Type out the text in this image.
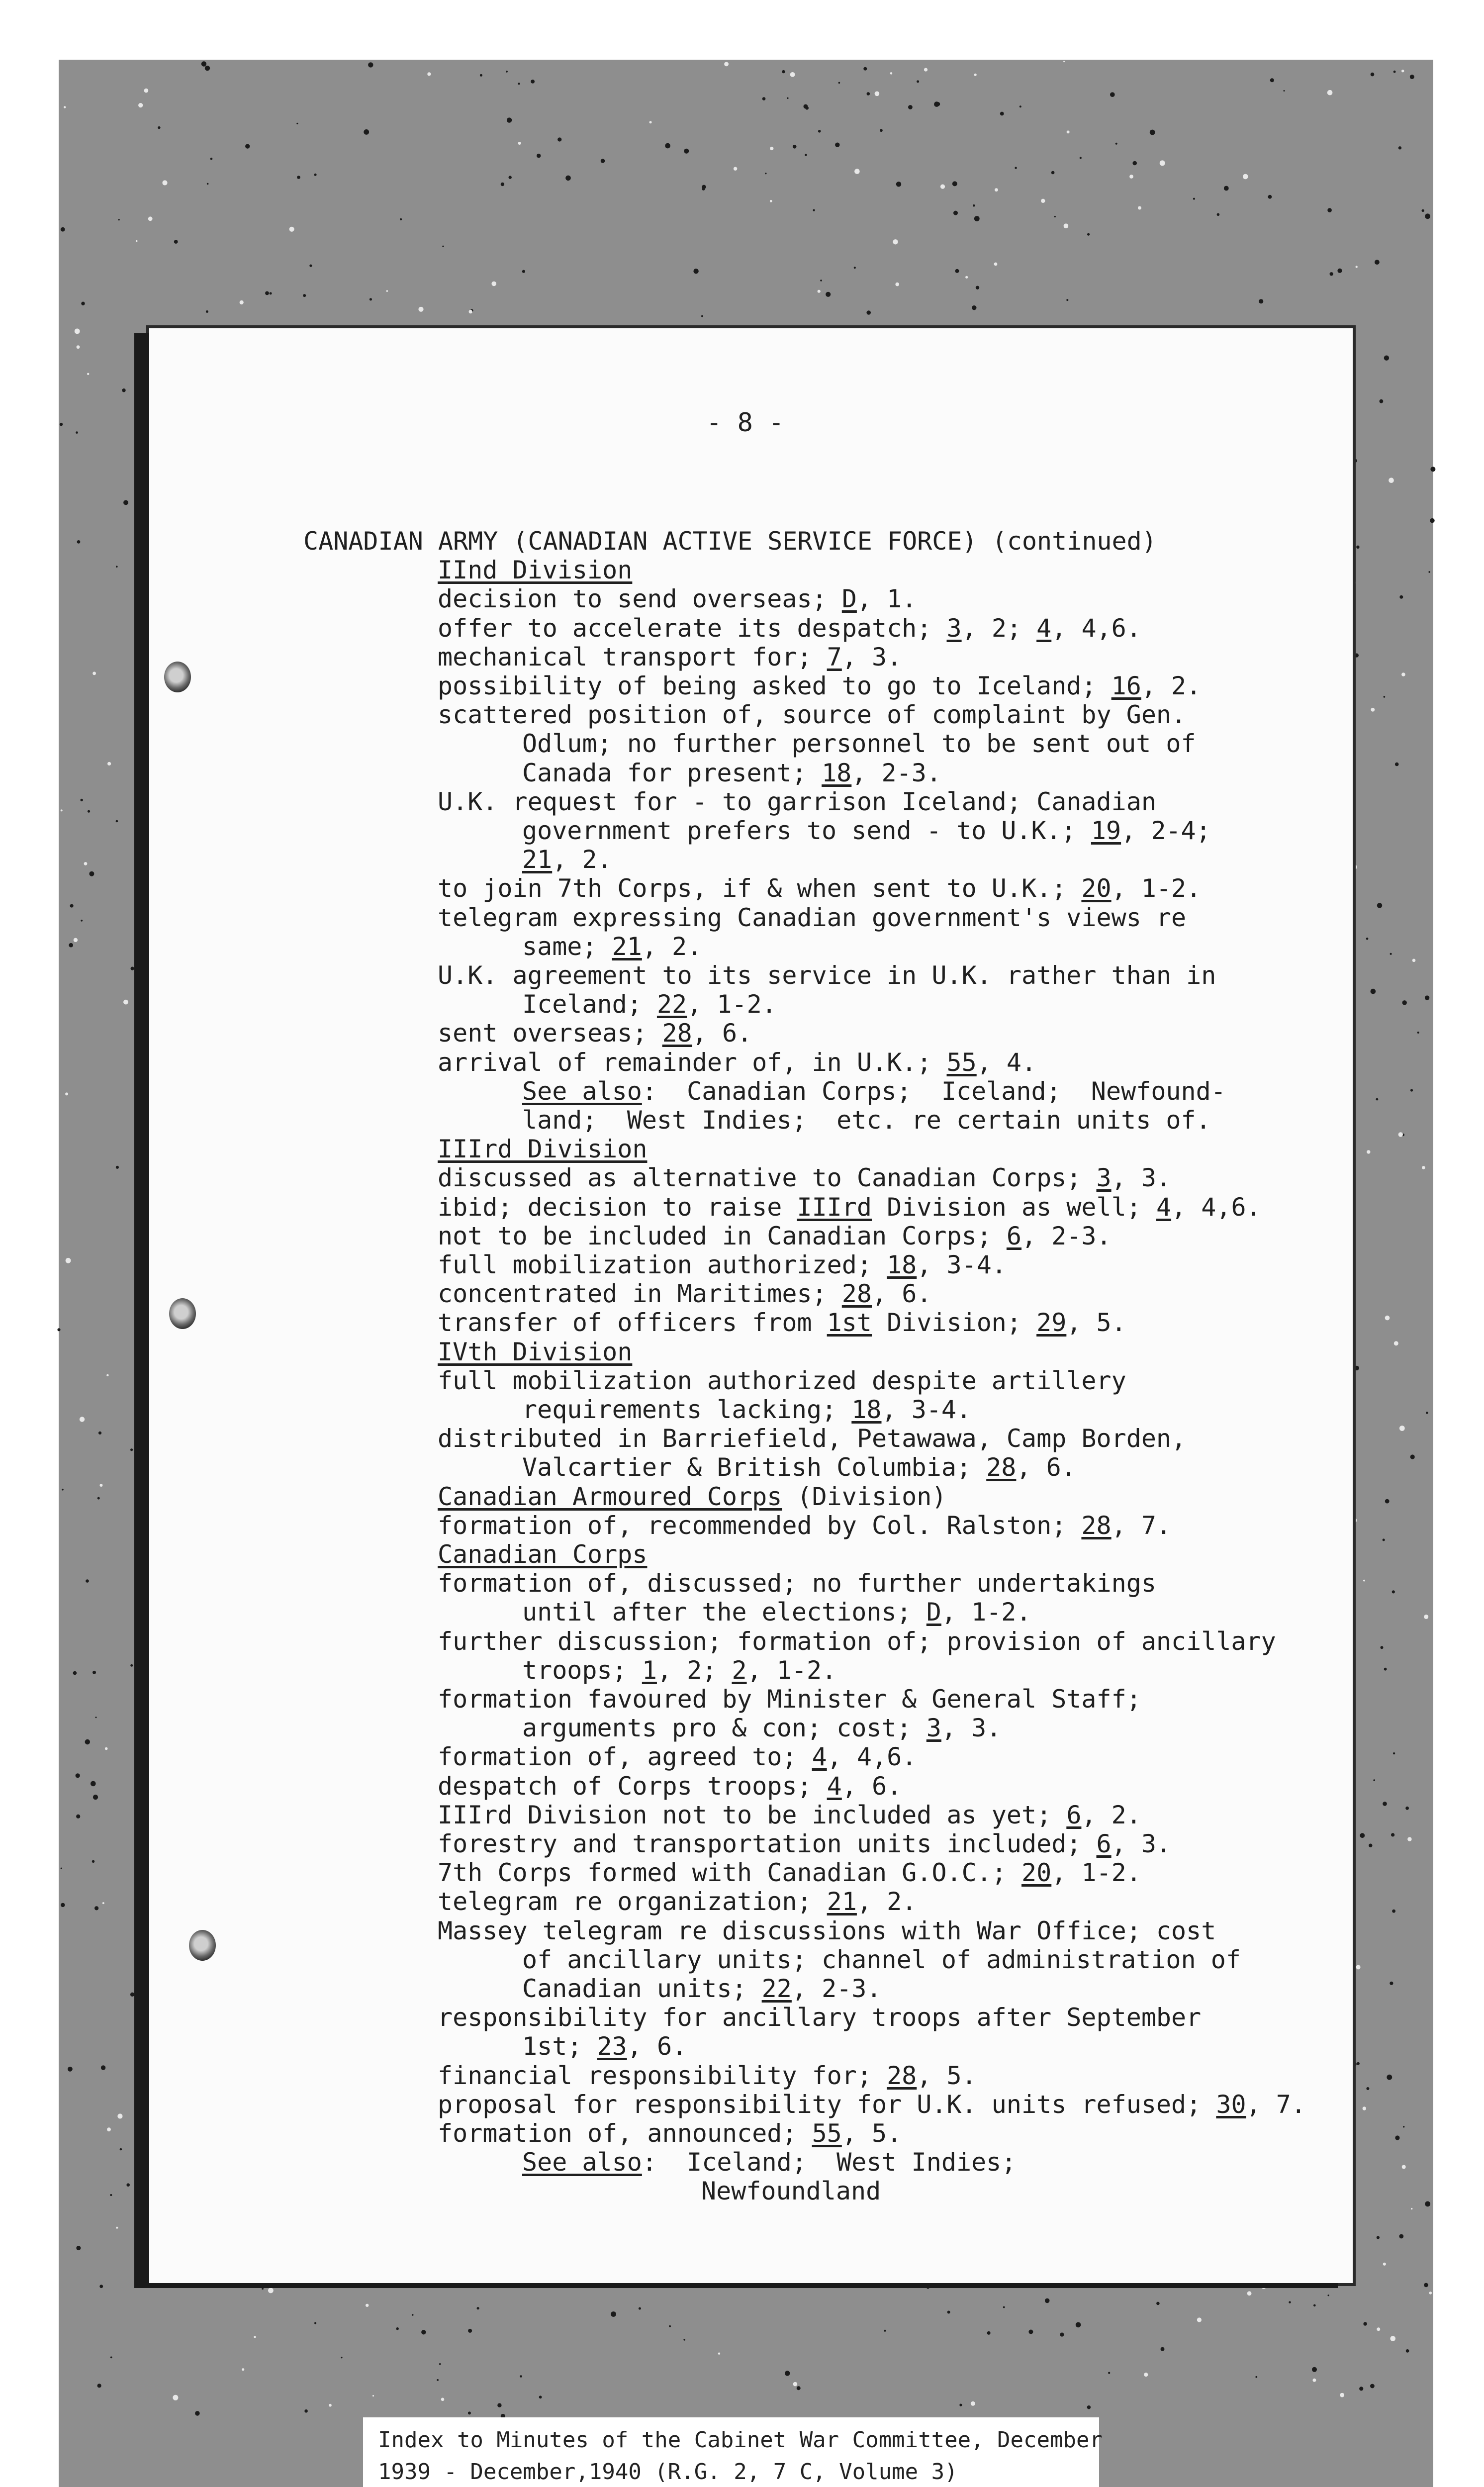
- 8 -
CANADIAN ARMY (CANADIAN ACTIVE SERVICE FORCE) (continued)
IInd Division
decision to send overseas; D, 1.
offer to accelerate its despatch; 3, 2; 4, 4,6.
mechanical transport for; 7, 3.
possibility of being asked to go to Iceland; 16, 2.
scattered position of, source of complaint by Gen.
Odlum; no further personnel to be sent out of
Canada for present; 18, 2-3.
U.K. request for - to garrison Iceland; Canadian
government prefers to send - to U.K.; 19, 2-4;
21, 2.
to join 7th Corps, if & when sent to U.K.; 20, 1-2.
telegram expressing Canadian government's views re
same; 21, 2.
U.K. agreement to its service in U.K. rather than in
Iceland; 22, 1-2.
sent overseas; 28, 6.
arrival of remainder of, in U.K.; 55, 4.
See also:  Canadian Corps;  Iceland;  Newfound-
land;  West Indies;  etc. re certain units of.
IIIrd Division
discussed as alternative to Canadian Corps; 3, 3.
ibid; decision to raise IIIrd Division as well; 4, 4,6.
not to be included in Canadian Corps; 6, 2-3.
full mobilization authorized; 18, 3-4.
concentrated in Maritimes; 28, 6.
transfer of officers from 1st Division; 29, 5.
IVth Division
full mobilization authorized despite artillery
requirements lacking; 18, 3-4.
distributed in Barriefield, Petawawa, Camp Borden,
Valcartier & British Columbia; 28, 6.
Canadian Armoured Corps (Division)
formation of, recommended by Col. Ralston; 28, 7.
Canadian Corps
formation of, discussed; no further undertakings
until after the elections; D, 1-2.
further discussion; formation of; provision of ancillary
troops; 1, 2; 2, 1-2.
formation favoured by Minister & General Staff;
arguments pro & con; cost; 3, 3.
formation of, agreed to; 4, 4,6.
despatch of Corps troops; 4, 6.
IIIrd Division not to be included as yet; 6, 2.
forestry and transportation units included; 6, 3.
7th Corps formed with Canadian G.O.C.; 20, 1-2.
telegram re organization; 21, 2.
Massey telegram re discussions with War Office; cost
of ancillary units; channel of administration of
Canadian units; 22, 2-3.
responsibility for ancillary troops after September
1st; 23, 6.
financial responsibility for; 28, 5.
proposal for responsibility for U.K. units refused; 30, 7.
formation of, announced; 55, 5.
See also:  Iceland;  West Indies;
Newfoundland
Index to Minutes of the Cabinet War Committee, December
1939 - December,1940 (R.G. 2, 7 C, Volume 3)
